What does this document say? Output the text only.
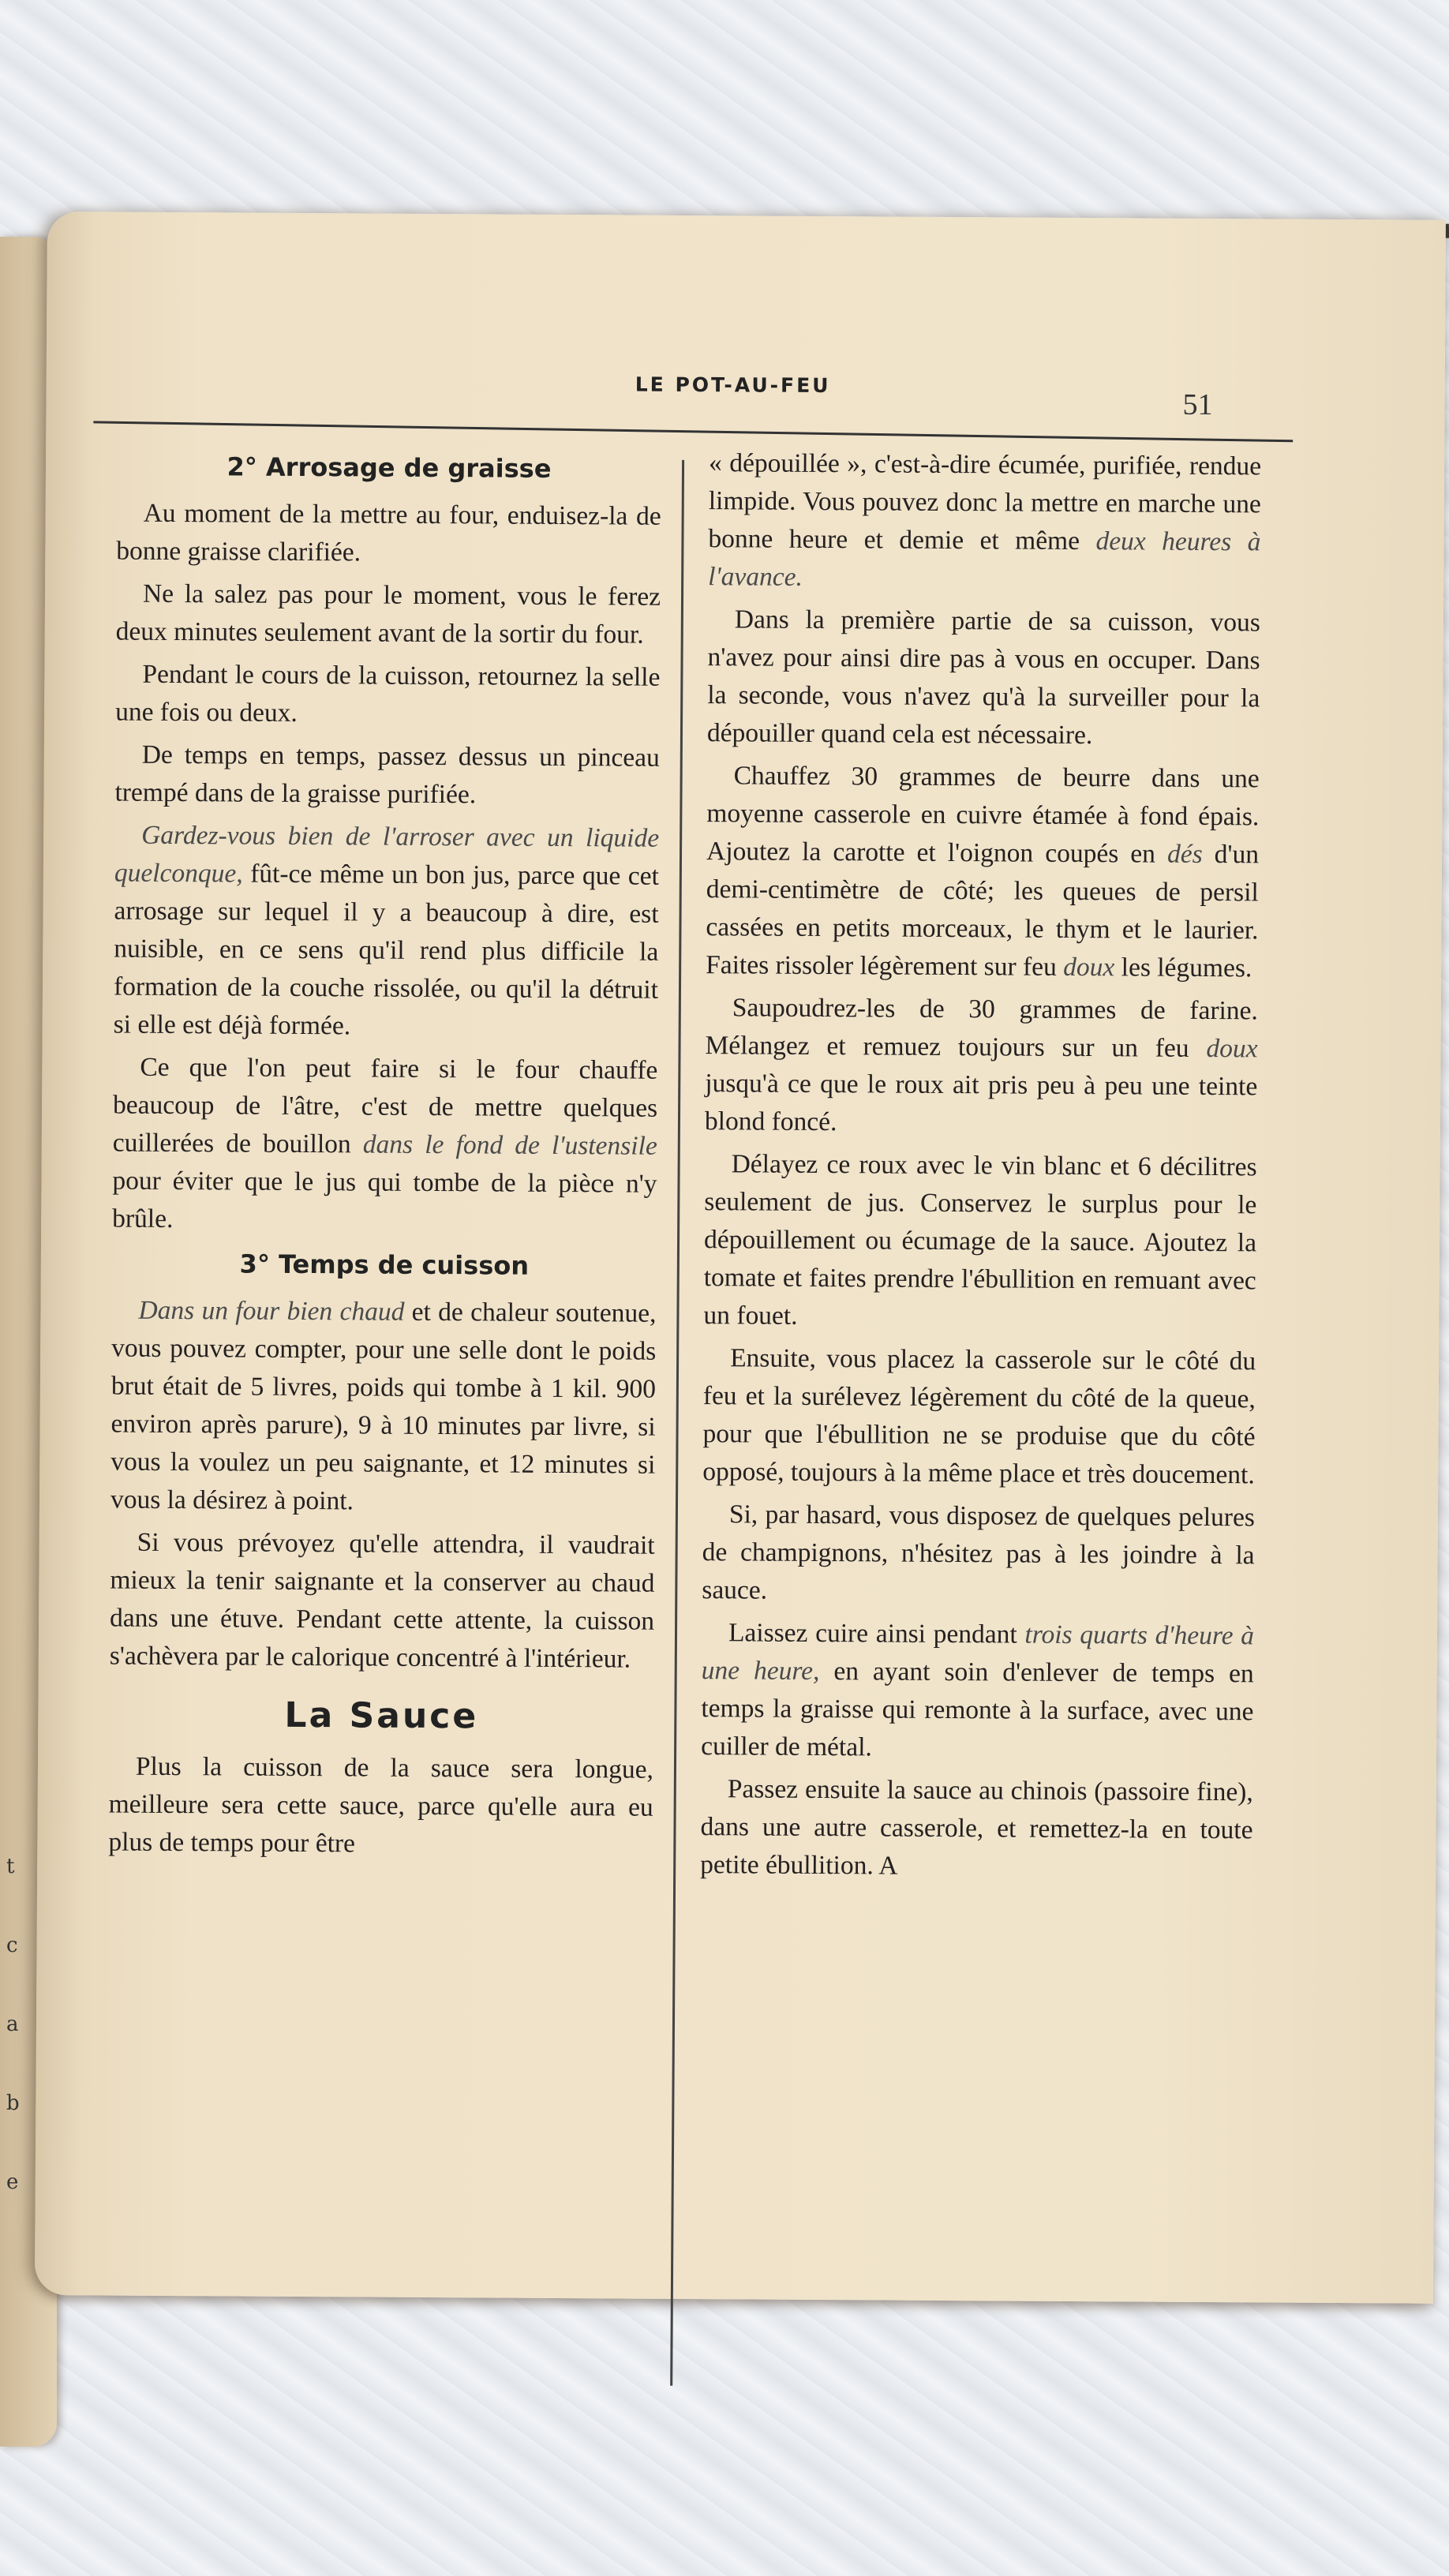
t
c
a
b
e
LE POT-AU-FEU
51
2° Arrosage de graisse

Au moment de la mettre au four, enduisez-la de bonne graisse clarifiée.

Ne la salez pas pour le moment, vous le ferez deux minutes seulement avant de la sortir du four.

Pendant le cours de la cuisson, retournez la selle une fois ou deux.

De temps en temps, passez dessus un pinceau trempé dans de la graisse purifiée.

Gardez-vous bien de l'arroser avec un liquide quelconque, fût-ce même un bon jus, parce que cet arrosage sur lequel il y a beaucoup à dire, est nuisible, en ce sens qu'il rend plus difficile la formation de la couche rissolée, ou qu'il la détruit si elle est déjà formée.

Ce que l'on peut faire si le four chauffe beaucoup de l'âtre, c'est de mettre quelques cuillerées de bouillon dans le fond de l'ustensile pour éviter que le jus qui tombe de la pièce n'y brûle.

3° Temps de cuisson

Dans un four bien chaud et de chaleur soutenue, vous pouvez compter, pour une selle dont le poids brut était de 5 livres, poids qui tombe à 1 kil. 900 environ après parure), 9 à 10 minutes par livre, si vous la voulez un peu saignante, et 12 minutes si vous la désirez à point.

Si vous prévoyez qu'elle attendra, il vaudrait mieux la tenir saignante et la conserver au chaud dans une étuve. Pendant cette attente, la cuisson s'achèvera par le calorique concentré à l'intérieur.

La Sauce

Plus la cuisson de la sauce sera longue, meilleure sera cette sauce, parce qu'elle aura eu plus de temps pour être

« dépouillée », c'est-à-dire écumée, purifiée, rendue limpide. Vous pouvez donc la mettre en marche une bonne heure et demie et même deux heures à l'avance.

Dans la première partie de sa cuisson, vous n'avez pour ainsi dire pas à vous en occuper. Dans la seconde, vous n'avez qu'à la surveiller pour la dépouiller quand cela est nécessaire.

Chauffez 30 grammes de beurre dans une moyenne casserole en cuivre étamée à fond épais. Ajoutez la carotte et l'oignon coupés en dés d'un demi-centimètre de côté; les queues de persil cassées en petits morceaux, le thym et le laurier. Faites rissoler légèrement sur feu doux les légumes.

Saupoudrez-les de 30 grammes de farine. Mélangez et remuez toujours sur un feu doux jusqu'à ce que le roux ait pris peu à peu une teinte blond foncé.

Délayez ce roux avec le vin blanc et 6 décilitres seulement de jus. Conservez le surplus pour le dépouillement ou écumage de la sauce. Ajoutez la tomate et faites prendre l'ébullition en remuant avec un fouet.

Ensuite, vous placez la casserole sur le côté du feu et la surélevez légèrement du côté de la queue, pour que l'ébullition ne se produise que du côté opposé, toujours à la même place et très doucement.

Si, par hasard, vous disposez de quelques pelures de champignons, n'hésitez pas à les joindre à la sauce.

Laissez cuire ainsi pendant trois quarts d'heure à une heure, en ayant soin d'enlever de temps en temps la graisse qui remonte à la surface, avec une cuiller de métal.

Passez ensuite la sauce au chinois (passoire fine), dans une autre casserole, et remettez-la en toute petite ébullition. A
